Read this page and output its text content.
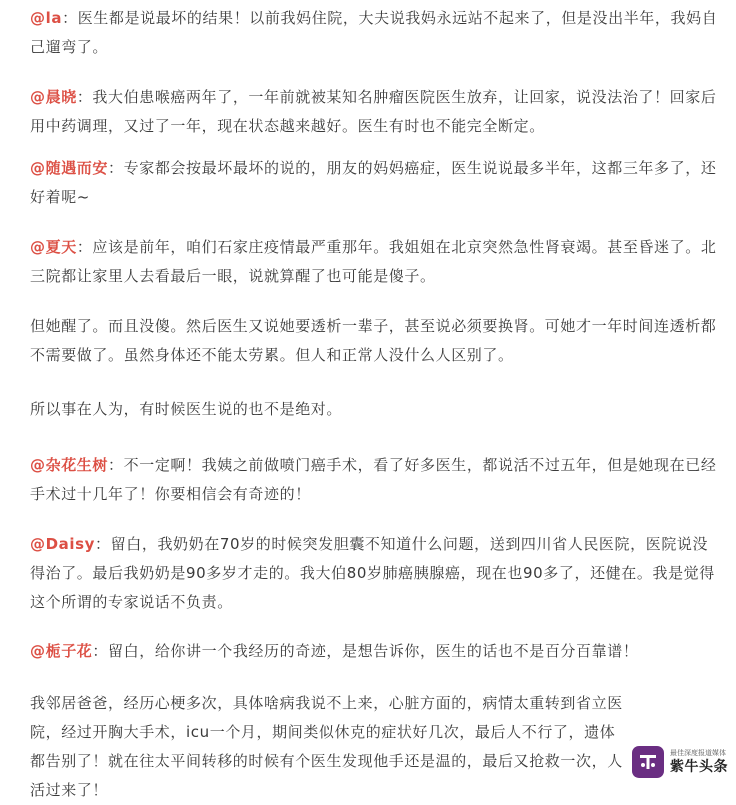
@la：医生都是说最坏的结果！以前我妈住院，大夫说我妈永远站不起来了，但是没出半年，我妈自己遛弯了。

@晨晓：我大伯患喉癌两年了，一年前就被某知名肿瘤医院医生放弃，让回家，说没法治了！回家后用中药调理，又过了一年，现在状态越来越好。医生有时也不能完全断定。

@随遇而安：专家都会按最坏最坏的说的，朋友的妈妈癌症，医生说说最多半年，这都三年多了，还好着呢~

@夏天：应该是前年，咱们石家庄疫情最严重那年。我姐姐在北京突然急性肾衰竭。甚至昏迷了。北三院都让家里人去看最后一眼，说就算醒了也可能是傻子。

但她醒了。而且没傻。然后医生又说她要透析一辈子，甚至说必须要换肾。可她才一年时间连透析都不需要做了。虽然身体还不能太劳累。但人和正常人没什么人区别了。

所以事在人为，有时候医生说的也不是绝对。

@杂花生树：不一定啊！我姨之前做喷门癌手术，看了好多医生，都说活不过五年，但是她现在已经手术过十几年了！你要相信会有奇迹的！

@Daisy：留白，我奶奶在70岁的时候突发胆囊不知道什么问题，送到四川省人民医院，医院说没得治了。最后我奶奶是90多岁才走的。我大伯80岁肺癌胰腺癌，现在也90多了，还健在。我是觉得这个所谓的专家说话不负责。

@栀子花：留白，给你讲一个我经历的奇迹，是想告诉你，医生的话也不是百分百靠谱！

我邻居爸爸，经历心梗多次，具体啥病我说不上来，心脏方面的，病情太重转到省立医院，经过开胸大手术，icu一个月，期间类似休克的症状好几次，最后人不行了，遗体都告别了！就在往太平间转移的时候有个医生发现他手还是温的，最后又抢救一次，人活过来了！

最佳深度报道媒体
紫牛头条
